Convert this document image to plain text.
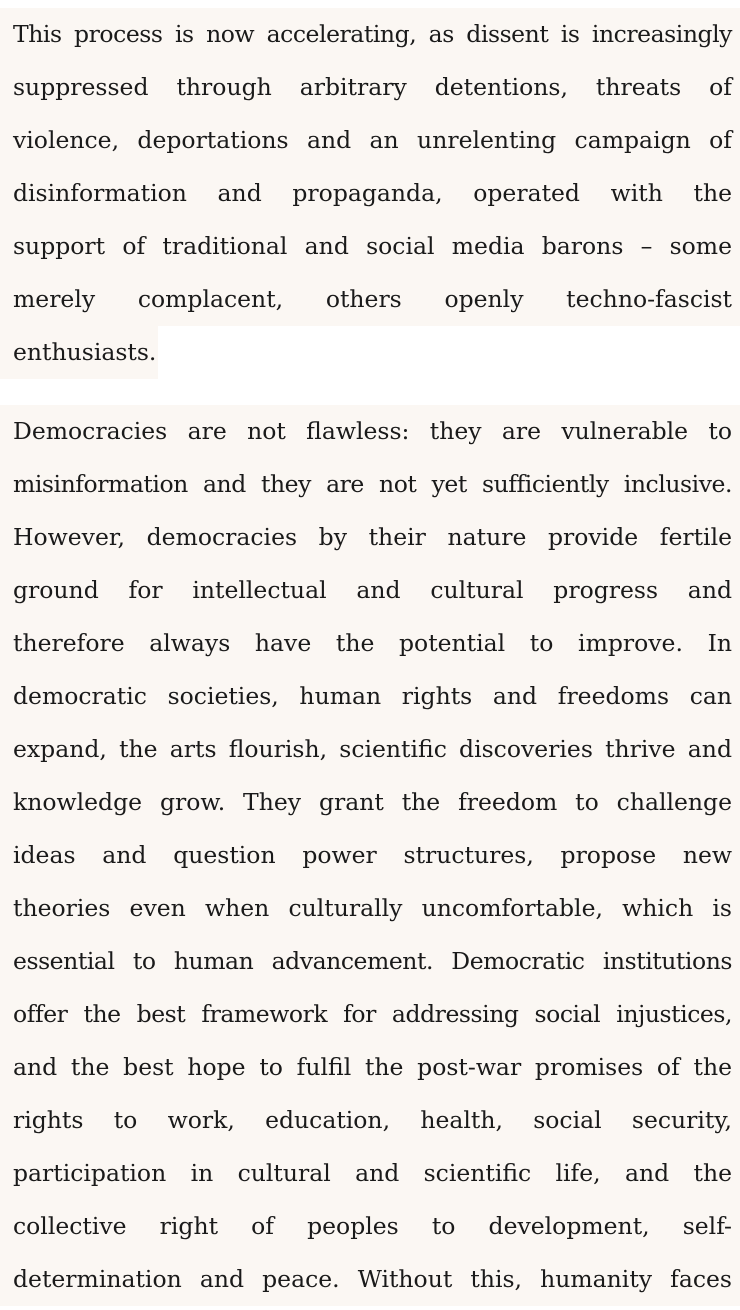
This process is now accelerating, as dissent is increasingly
suppressed through arbitrary detentions, threats of
violence, deportations and an unrelenting campaign of
disinformation and propaganda, operated with the
support of traditional and social media barons – some
merely complacent, others openly techno-fascist
enthusiasts.
Democracies are not flawless: they are vulnerable to
misinformation and they are not yet sufficiently inclusive.
However, democracies by their nature provide fertile
ground for intellectual and cultural progress and
therefore always have the potential to improve. In
democratic societies, human rights and freedoms can
expand, the arts flourish, scientific discoveries thrive and
knowledge grow. They grant the freedom to challenge
ideas and question power structures, propose new
theories even when culturally uncomfortable, which is
essential to human advancement. Democratic institutions
offer the best framework for addressing social injustices,
and the best hope to fulfil the post-war promises of the
rights to work, education, health, social security,
participation in cultural and scientific life, and the
collective right of peoples to development, self-
determination and peace. Without this, humanity faces
